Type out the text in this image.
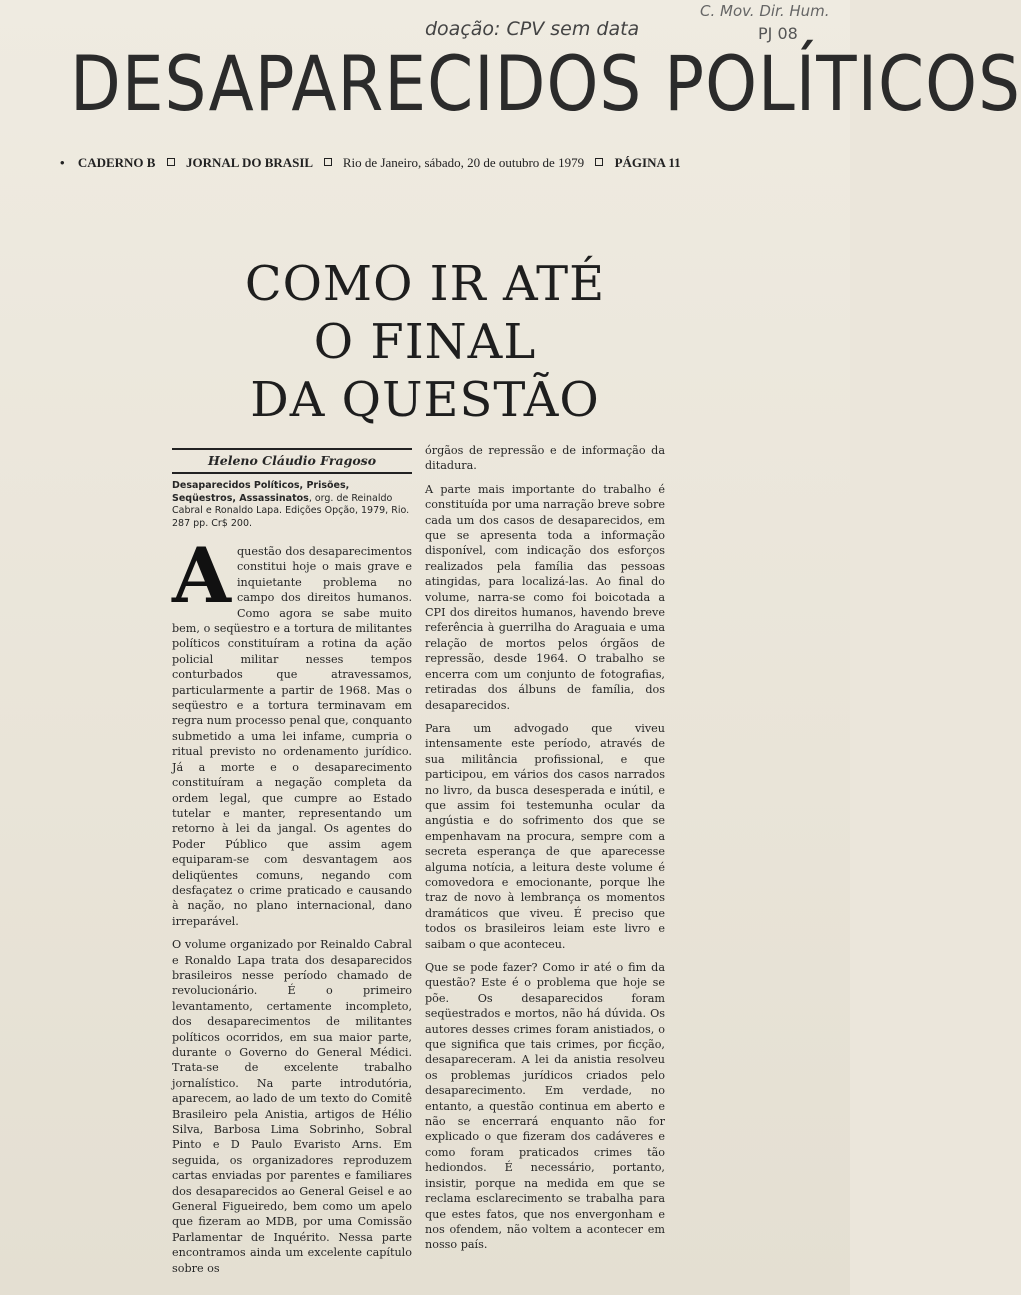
DESAPARECIDOS POLÍTICOS
doação: CPV sem data
C. Mov. Dir. Hum.
PJ 08
• CADERNO B JORNAL DO BRASIL Rio de Janeiro, sábado, 20 de outubro de 1979 PÁGINA 11
COMO IR ATÉ
O FINAL
DA QUESTÃO
Heleno Cláudio Fragoso
Desaparecidos Políticos, Prisões, Seqüestros, Assassinatos, org. de Reinaldo Cabral e Ronaldo Lapa. Edições Opção, 1979, Rio. 287 pp. Cr$ 200.

Aquestão dos desaparecimentos constitui hoje o mais grave e inquietante problema no campo dos direitos humanos. Como agora se sabe muito bem, o seqüestro e a tortura de militantes políticos constituíram a rotina da ação policial militar nesses tempos conturbados que atravessamos, particularmente a partir de 1968. Mas o seqüestro e a tortura terminavam em regra num processo penal que, conquanto submetido a uma lei infame, cumpria o ritual previsto no ordenamento jurídico. Já a morte e o desaparecimento constituíram a negação completa da ordem legal, que cumpre ao Estado tutelar e manter, representando um retorno à lei da jangal. Os agentes do Poder Público que assim agem equiparam-se com desvantagem aos deliqüentes comuns, negando com desfaçatez o crime praticado e causando à nação, no plano internacional, dano irreparável.

O volume organizado por Reinaldo Cabral e Ronaldo Lapa trata dos desaparecidos brasileiros nesse período chamado de revolucionário. É o primeiro levantamento, certamente incompleto, dos desaparecimentos de militantes políticos ocorridos, em sua maior parte, durante o Governo do General Médici. Trata-se de excelente trabalho jornalístico. Na parte introdutória, aparecem, ao lado de um texto do Comitê Brasileiro pela Anistia, artigos de Hélio Silva, Barbosa Lima Sobrinho, Sobral Pinto e D Paulo Evaristo Arns. Em seguida, os organizadores reproduzem cartas enviadas por parentes e familiares dos desaparecidos ao General Geisel e ao General Figueiredo, bem como um apelo que fizeram ao MDB, por uma Comissão Parlamentar de Inquérito. Nessa parte encontramos ainda um excelente capítulo sobre os

órgãos de repressão e de informação da ditadura.

A parte mais importante do trabalho é constituída por uma narração breve sobre cada um dos casos de desaparecidos, em que se apresenta toda a informação disponível, com indicação dos esforços realizados pela família das pessoas atingidas, para localizá-las. Ao final do volume, narra-se como foi boicotada a CPI dos direitos humanos, havendo breve referência à guerrilha do Araguaia e uma relação de mortos pelos órgãos de repressão, desde 1964. O trabalho se encerra com um conjunto de fotografias, retiradas dos álbuns de família, dos desaparecidos.

Para um advogado que viveu intensamente este período, através de sua militância profissional, e que participou, em vários dos casos narrados no livro, da busca desesperada e inútil, e que assim foi testemunha ocular da angústia e do sofrimento dos que se empenhavam na procura, sempre com a secreta esperança de que aparecesse alguma notícia, a leitura deste volume é comovedora e emocionante, porque lhe traz de novo à lembrança os momentos dramáticos que viveu. É preciso que todos os brasileiros leiam este livro e saibam o que aconteceu.

Que se pode fazer? Como ir até o fim da questão? Este é o problema que hoje se põe. Os desaparecidos foram seqüestrados e mortos, não há dúvida. Os autores desses crimes foram anistiados, o que significa que tais crimes, por ficção, desapareceram. A lei da anistia resolveu os problemas jurídicos criados pelo desaparecimento. Em verdade, no entanto, a questão continua em aberto e não se encerrará enquanto não for explicado o que fizeram dos cadáveres e como foram praticados crimes tão hediondos. É necessário, portanto, insistir, porque na medida em que se reclama esclarecimento se trabalha para que estes fatos, que nos envergonham e nos ofendem, não voltem a acontecer em nosso país.
